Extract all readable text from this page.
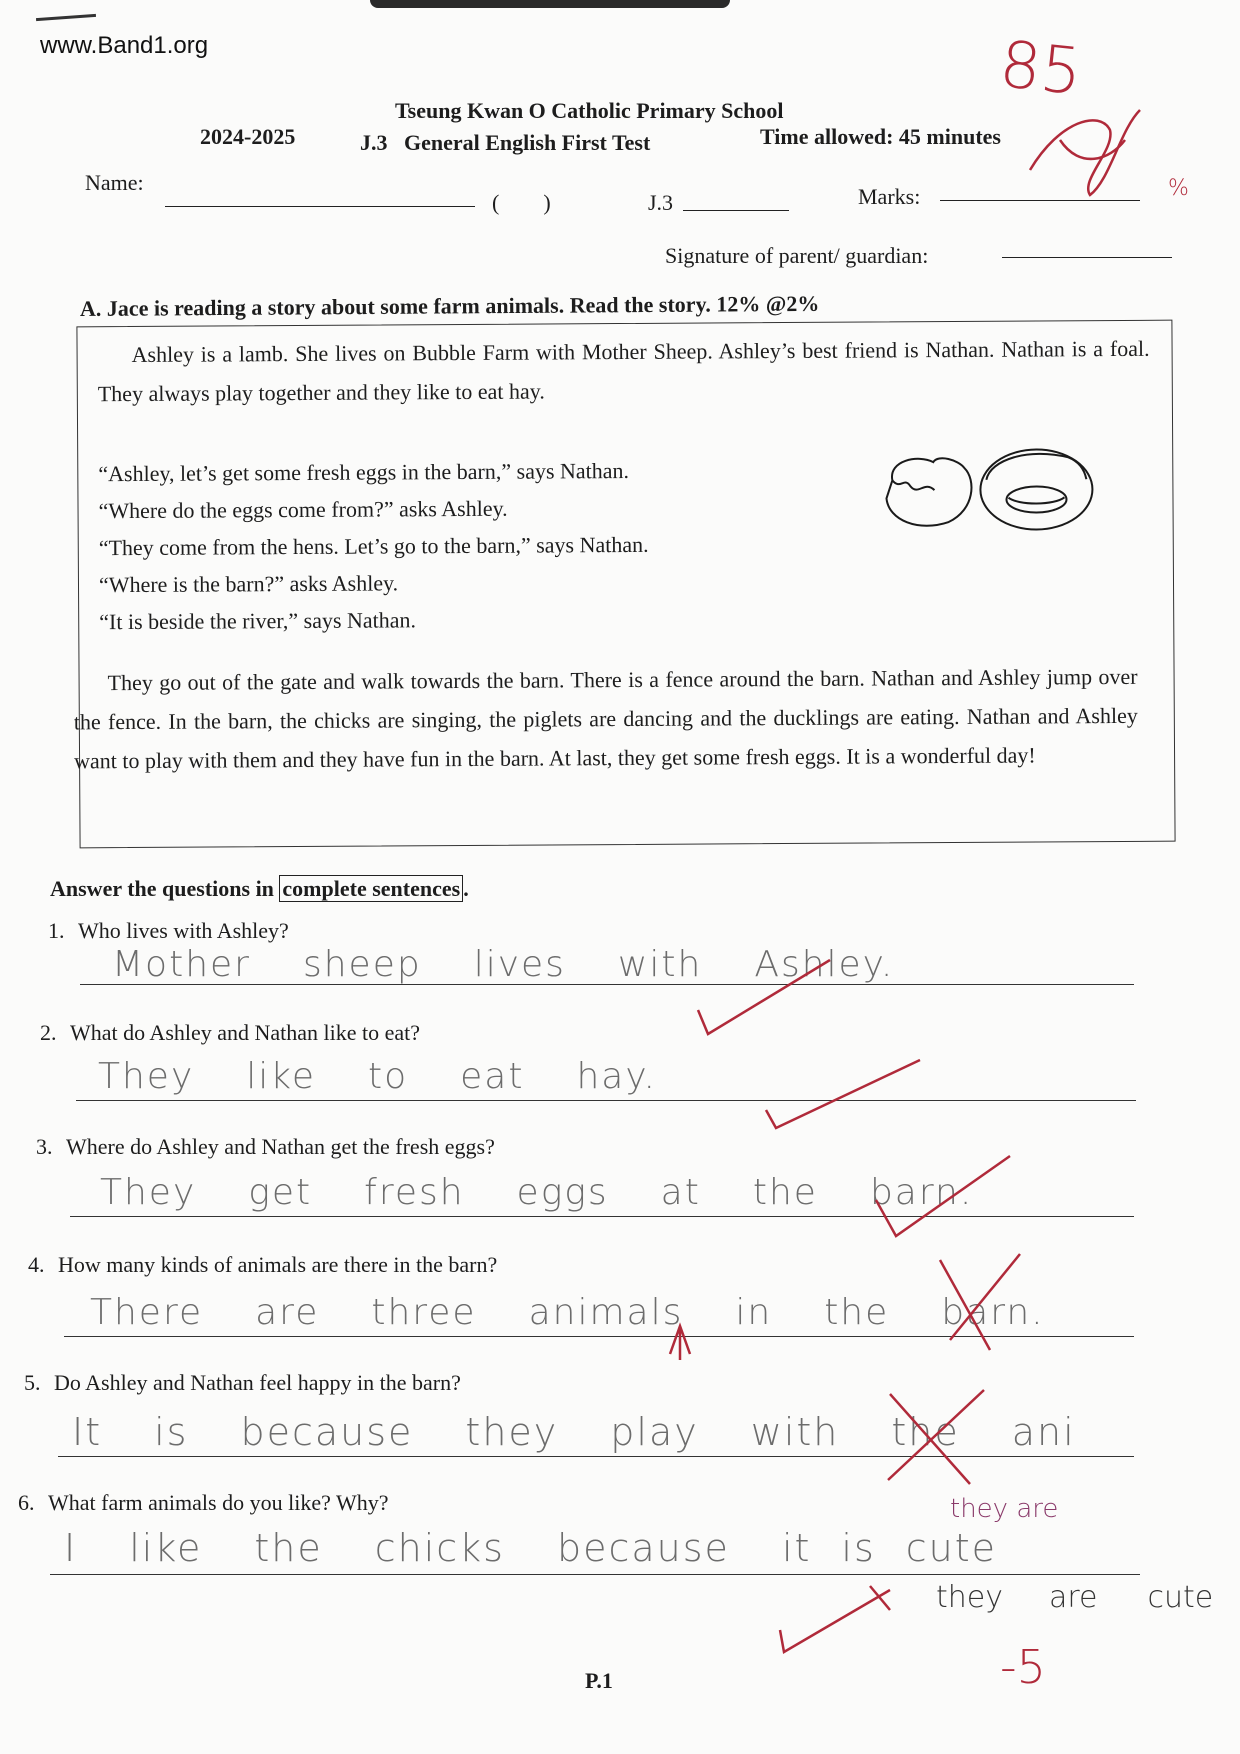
www.Band1.org
Tseung Kwan O Catholic Primary School
2024-2025	J.3   General English First Test	Time allowed: 45 minutes
Name:
(        )	J.3	Marks:
Signature of parent/ guardian:
85
%
A. Jace is reading a story about some farm animals. Read the story. 12% @2%
Ashley is a lamb. She lives on Bubble Farm with Mother Sheep. Ashley’s best friend is Nathan. Nathan is a foal. They always play together and they like to eat hay.
“Ashley, let’s get some fresh eggs in the barn,” says Nathan.
“Where do the eggs come from?” asks Ashley.
“They come from the hens. Let’s go to the barn,” says Nathan.
“Where is the barn?” asks Ashley.
“It is beside the river,” says Nathan.
They go out of the gate and walk towards the barn. There is a fence around the barn. Nathan and Ashley jump over the fence. In the barn, the chicks are singing, the piglets are dancing and the ducklings are eating. Nathan and Ashley want to play with them and they have fun in the barn. At last, they get some fresh eggs. It is a wonderful day!
Answer the questions in complete sentences .
1. Who lives with Ashley?
Mother sheep lives with Ashley.
2. What do Ashley and Nathan like to eat?
They like to eat hay.
3. Where do Ashley and Nathan get the fresh eggs?
They get fresh eggs at the barn.
4. How many kinds of animals are there in the barn?
There are three animals in the barn.
5. Do Ashley and Nathan feel happy in the barn?
It is because they play with the ani
6. What farm animals do you like? Why?
I like the chicks because it is cute
they are
they are cute
-5
P.1
